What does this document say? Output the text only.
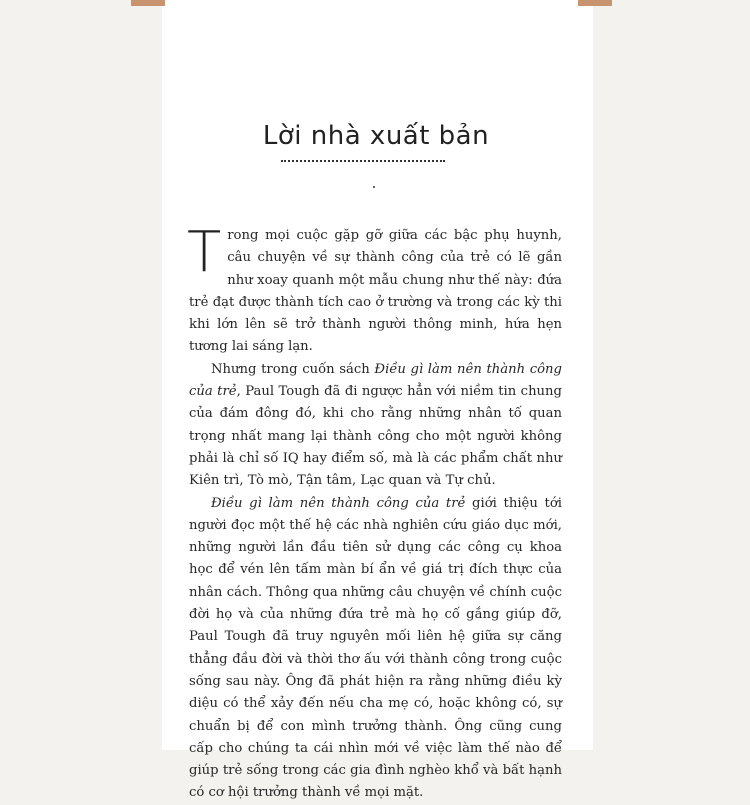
Lời nhà xuất bản

Trong mọi cuộc gặp gỡ giữa các bậc phụ huynh, câu chuyện về sự thành công của trẻ có lẽ gần như xoay quanh một mẫu chung như thế này: đứa trẻ đạt được thành tích cao ở trường và trong các kỳ thi khi lớn lên sẽ trở thành người thông minh, hứa hẹn tương lai sáng lạn.

Nhưng trong cuốn sách Điều gì làm nên thành công của trẻ, Paul Tough đã đi ngược hẳn với niềm tin chung của đám đông đó, khi cho rằng những nhân tố quan trọng nhất mang lại thành công cho một người không phải là chỉ số IQ hay điểm số, mà là các phẩm chất như Kiên trì, Tò mò, Tận tâm, Lạc quan và Tự chủ.

Điều gì làm nên thành công của trẻ giới thiệu tới người đọc một thế hệ các nhà nghiên cứu giáo dục mới, những người lần đầu tiên sử dụng các công cụ khoa học để vén lên tấm màn bí ẩn về giá trị đích thực của nhân cách. Thông qua những câu chuyện về chính cuộc đời họ và của những đứa trẻ mà họ cố gắng giúp đỡ, Paul Tough đã truy nguyên mối liên hệ giữa sự căng thẳng đầu đời và thời thơ ấu với thành công trong cuộc sống sau này. Ông đã phát hiện ra rằng những điều kỳ diệu có thể xảy đến nếu cha mẹ có, hoặc không có, sự chuẩn bị để con mình trưởng thành. Ông cũng cung cấp cho chúng ta cái nhìn mới về việc làm thế nào để giúp trẻ sống trong các gia đình nghèo khổ và bất hạnh có cơ hội trưởng thành về mọi mặt.
